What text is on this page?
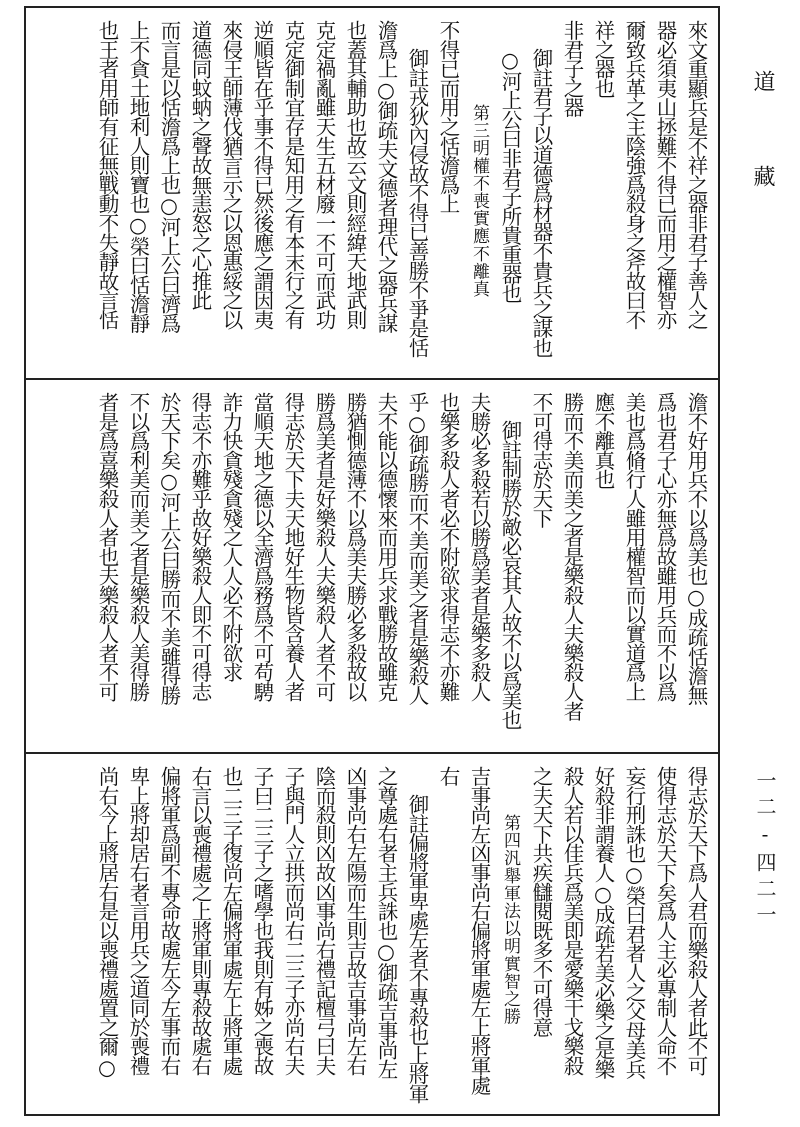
道 藏
一二-四二一
來文重顯兵是不祥之器非君子善人之
器必須夷山拯難不得已而用之權智亦
爾致兵革之主陰強爲殺身之斧故曰不
祥之器也
非君子之器
御註君子以道德爲材器不貴兵之謀也
○河上公曰非君子所貴重器也
第三明權不喪實應不離真
不得已而用之恬澹爲上
御註戎狄內侵故不得已善勝不爭是恬
澹爲上○御疏夫文德者理代之器兵謀
也蓋其輔助也故云文則經緯天地武則
克定禍亂雖天生五材廢一不可而武功
克定御制宜存是知用之有本末行之有
逆順皆在乎事不得已然後應之謂因夷
來侵王師薄伐猶言示之以恩惠綏之以
道德同蚊蚋之聲故無恚怒之心推此
而言是以恬澹爲上也○河上公曰濟爲
上不貪土地利人則寶也○榮曰恬澹靜
也王者用師有征無戰動不失靜故言恬
澹不好用兵不以爲美也○成疏恬澹無
爲也君子心亦無爲故雖用兵而不以爲
美也爲脩行人雖用權智而以實道爲上
應不離真也
勝而不美而美之者是樂殺人夫樂殺人者
不可得志於天下
御註制勝於敵必哀其人故不以爲美也
夫勝必多殺若以勝爲美者是樂多殺人
也樂多殺人者必不附欲求得志不亦難
乎○御疏勝而不美而美之者是樂殺人
夫不能以德懷來而用兵求戰勝故雖克
勝猶惻德薄不以爲美夫勝必多殺故以
勝爲美者是好樂殺人夫樂殺人者不可
得志於天下夫天地好生物皆含養人者
當順天地之德以全濟爲務爲不可苟騁
詐力快貪殘貪殘之人人必不附欲求
得志不亦難乎故好樂殺人即不可得志
於天下矣○河上公曰勝而不美雖得勝
不以爲利美而美之者是樂殺人美得勝
者是爲喜樂殺人者也夫樂殺人者不可
得志於天下爲人君而樂殺人者此不可
使得志於天下矣爲人主必專制人命不
妄行刑誅也○榮曰君者人之父母美兵
好殺非謂養人○成疏若美必樂之是樂
殺人若以佳兵爲美即是愛樂干戈樂殺
之夫天下共疾讎閱既多不可得意
第四汎舉軍法以明實智之勝
吉事尚左凶事尚右偏將軍處左上將軍處
右
御註偏將軍卑處左者不專殺也上將軍
之尊處右者主兵誅也○御疏吉事尚左
凶事尚右左陽而生則吉故吉事尚左右
陰而殺則凶故凶事尚右禮記檀弓曰夫
子與門人立拱而尚右二三子亦尚右夫
子曰二三子之嗜學也我則有姊之喪故
也二三子復尚左偏將軍處左上將軍處
右言以喪禮處之上將軍則專殺故處右
偏將軍爲副不專命故處左今左事而右
卑上將却居右者言用兵之道同於喪禮
尚右今上將居右是以喪禮處置之爾○
